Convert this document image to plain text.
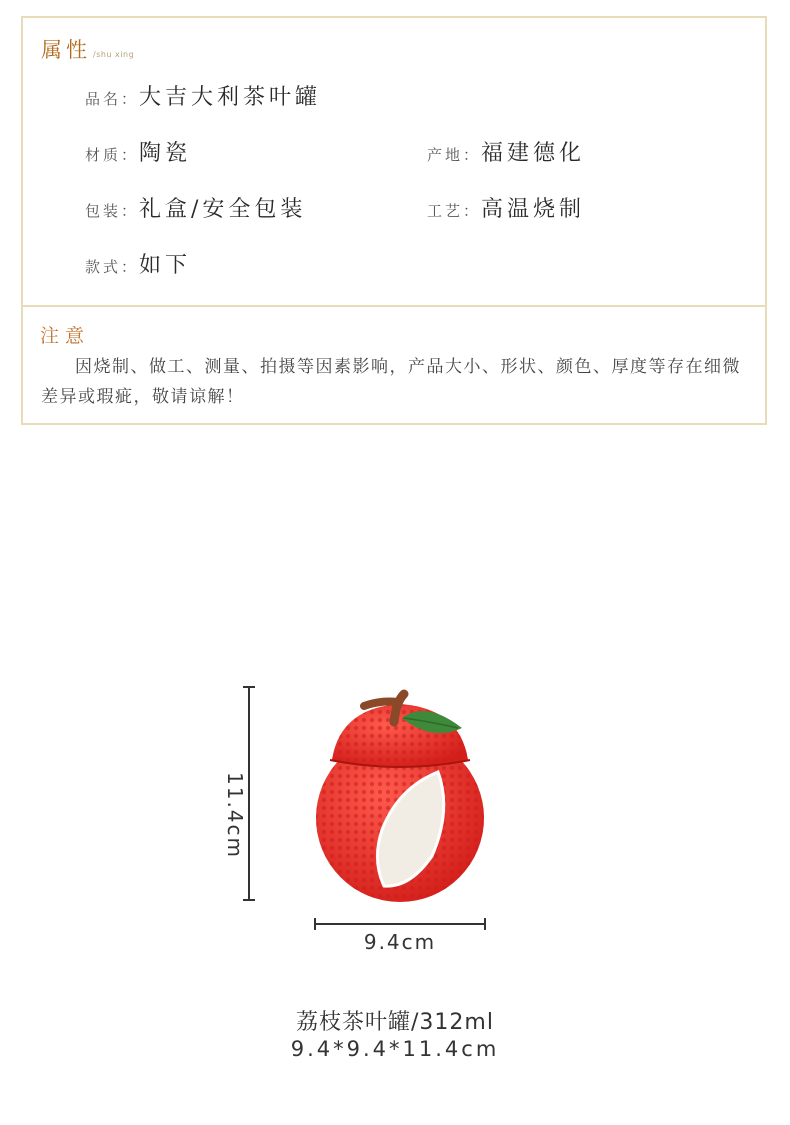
属性 /shu xing
品名： 大吉大利茶叶罐
材质： 陶瓷	产地： 福建德化
包装： 礼盒/安全包装	工艺： 高温烧制
款式： 如下
注意
因烧制、做工、测量、拍摄等因素影响，产品大小、形状、颜色、厚度等存在细微差异或瑕疵，敬请谅解！
11.4cm
9.4cm
荔枝茶叶罐/312ml
9.4*9.4*11.4cm
